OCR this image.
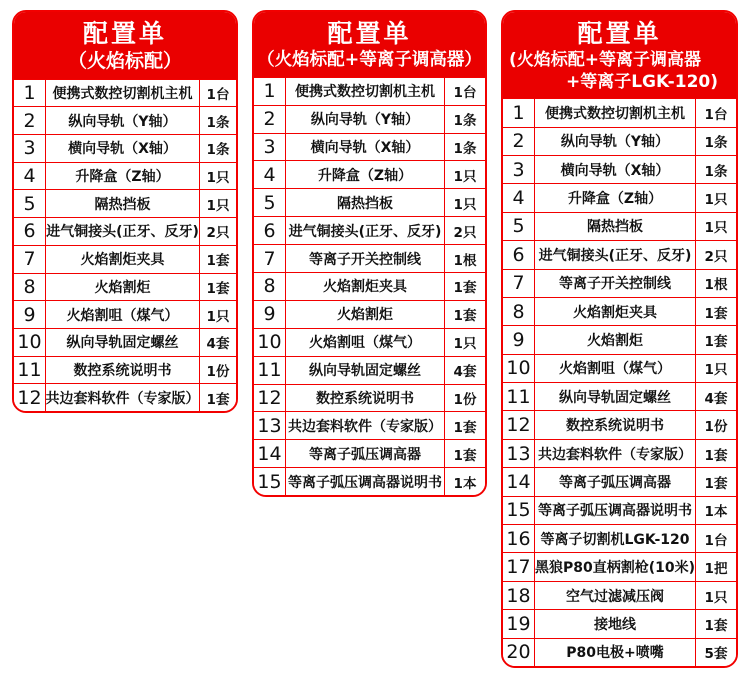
配置单
（火焰标配）
1	便携式数控切割机主机	1台
2	纵向导轨（Y轴）	1条
3	横向导轨（X轴）	1条
4	升降盒（Z轴）	1只
5	隔热挡板	1只
6 进气铜接头(正牙、反牙) 2只
7	火焰割炬夹具	1套
8	火焰割炬	1套
9	火焰割咀（煤气）	1只
10	纵向导轨固定螺丝	4套
11	数控系统说明书	1份
12 共边套料软件（专家版） 1套
配置单
（火焰标配+等离子调高器）
1	便携式数控切割机主机	1台
2	纵向导轨（Y轴）	1条
3	横向导轨（X轴）	1条
4	升降盒（Z轴）	1只
5	隔热挡板	1只
6 进气铜接头(正牙、反牙) 2只
7	等离子开关控制线	1根
8	火焰割炬夹具	1套
9	火焰割炬	1套
10	火焰割咀（煤气）	1只
11	纵向导轨固定螺丝	4套
12	数控系统说明书	1份
13 共边套料软件（专家版） 1套
14	等离子弧压调高器	1套
15 等离子弧压调高器说明书 1本
配置单
(火焰标配+等离子调高器
+等离子LGK-120)
1	便携式数控切割机主机	1台
2	纵向导轨（Y轴）	1条
3	横向导轨（X轴）	1条
4	升降盒（Z轴）	1只
5	隔热挡板	1只
6	进气铜接头(正牙、反牙) 2只
7	等离子开关控制线	1根
8	火焰割炬夹具	1套
9	火焰割炬	1套
10	火焰割咀（煤气）	1只
11	纵向导轨固定螺丝	4套
12	数控系统说明书	1份
13 共边套料软件（专家版） 1套
14	等离子弧压调高器	1套
15 等离子弧压调高器说明书 1本
16 等离子切割机LGK-120	1台
17 黑狼P80直柄割枪(10米) 1把
18	空气过滤减压阀	1只
19	接地线	1套
20	P80电极+喷嘴	5套
